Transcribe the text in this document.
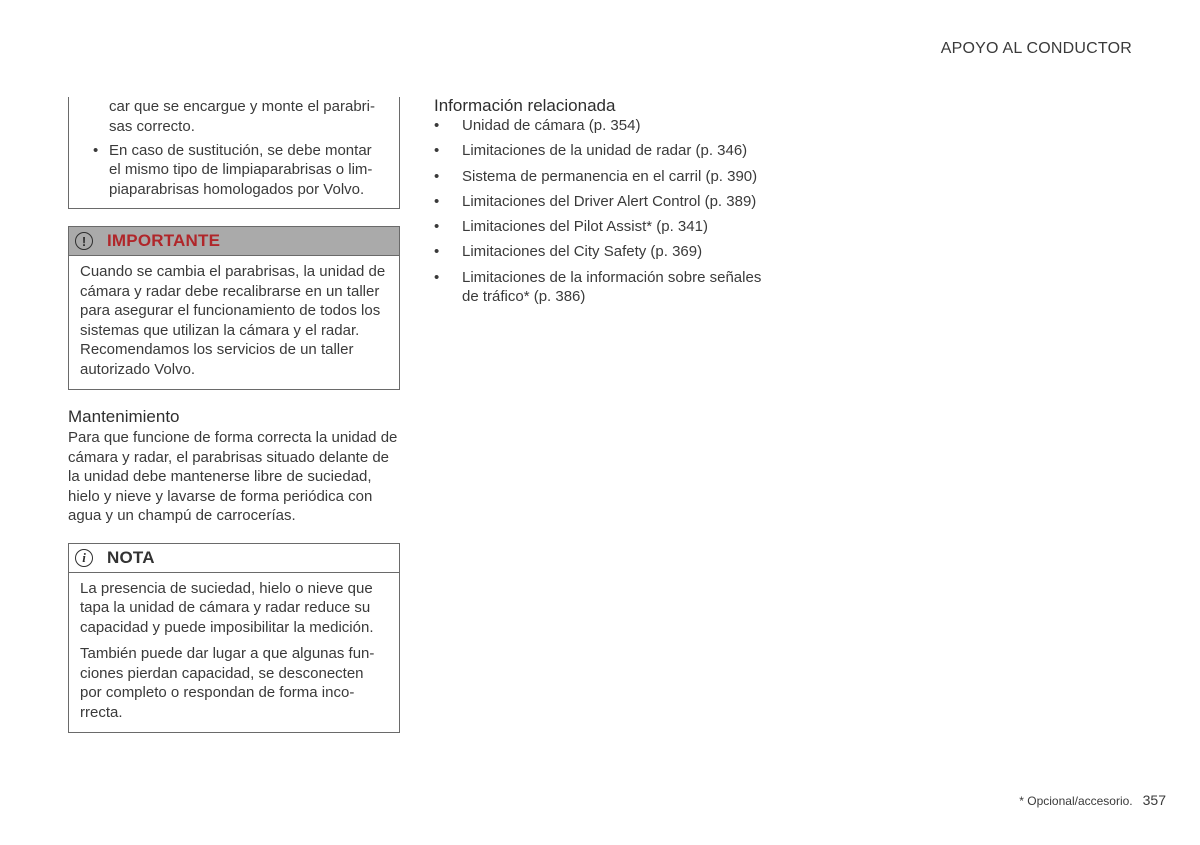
APOYO AL CONDUCTOR
car que se encargue y monte el parabri-
sas correcto.
• En caso de sustitución, se debe montar el mismo tipo de limpiaparabrisas o lim-
piaparabrisas homologados por Volvo.
!	IMPORTANTE

Cuando se cambia el parabrisas, la unidad de cámara y radar debe recalibrarse en un taller para asegurar el funcionamiento de todos los sistemas que utilizan la cámara y el radar. Recomendamos los servicios de un taller autorizado Volvo.

Mantenimiento

Para que funcione de forma correcta la unidad de cámara y radar, el parabrisas situado delante de la unidad debe mantenerse libre de suciedad, hielo y nieve y lavarse de forma periódica con agua y un champú de carrocerías.

i	NOTA

La presencia de suciedad, hielo o nieve que tapa la unidad de cámara y radar reduce su capacidad y puede imposibilitar la medición.

También puede dar lugar a que algunas fun-
ciones pierdan capacidad, se desconecten por completo o respondan de forma inco-
rrecta.

Información relacionada
• Unidad de cámara (p. 354)
• Limitaciones de la unidad de radar (p. 346)
• Sistema de permanencia en el carril (p. 390)
• Limitaciones del Driver Alert Control (p. 389)
• Limitaciones del Pilot Assist* (p. 341)
• Limitaciones del City Safety (p. 369)
• Limitaciones de la información sobre señales de tráfico* (p. 386)
* Opcional/accesorio. 357
